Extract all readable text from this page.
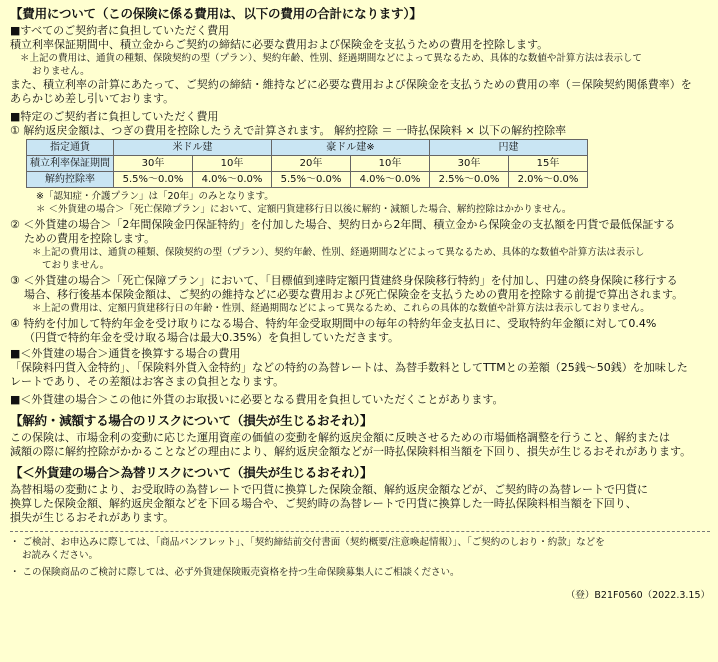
【費用について（この保険に係る費用は、以下の費用の合計になります）】

■すべてのご契約者に負担していただく費用

積立利率保証期間中、積立金からご契約の締結に必要な費用および保険金を支払うための費用を控除します。

＊上記の費用は、通貨の種類、保険契約の型（プラン）、契約年齢、性別、経過期間などによって異なるため、具体的な数値や計算方法は表示して

おりません。

また、積立利率の計算にあたって、ご契約の締結・維持などに必要な費用および保険金を支払うための費用の率（＝保険契約関係費率）を

あらかじめ差し引いております。

■特定のご契約者に負担していただく費用

① 解約返戻金額は、つぎの費用を控除したうえで計算されます。 解約控除 ＝ 一時払保険料 × 以下の解約控除率

指定通貨	米ドル建		豪ドル建※		円建	
積立利率保証期間	30年	10年	20年	10年	30年	15年
解約控除率	5.5%〜0.0%	4.0%〜0.0%	5.5%〜0.0%	4.0%〜0.0%	2.5%〜0.0%	2.0%〜0.0%

※「認知症・介護プラン」は「20年」のみとなります。

＊ ＜外貨建の場合＞「死亡保障プラン」において、定額円貨建移行日以後に解約・減額した場合、解約控除はかかりません。

② ＜外貨建の場合＞「2年間保険金円保証特約」を付加した場合、契約日から2年間、積立金から保険金の支払額を円貨で最低保証する

ための費用を控除します。

＊上記の費用は、通貨の種類、保険契約の型（プラン）、契約年齢、性別、経過期間などによって異なるため、具体的な数値や計算方法は表示し

ておりません。

③ ＜外貨建の場合＞「死亡保障プラン」において、「目標値到達時定額円貨建終身保険移行特約」を付加し、円建の終身保険に移行する

場合、移行後基本保険金額は、ご契約の維持などに必要な費用および死亡保険金を支払うための費用を控除する前提で算出されます。

＊上記の費用は、定額円貨建移行日の年齢・性別、経過期間などによって異なるため、これらの具体的な数値や計算方法は表示しておりません。

④ 特約を付加して特約年金を受け取りになる場合、特約年金受取期間中の毎年の特約年金支払日に、受取特約年金額に対して0.4%

（円貨で特約年金を受け取る場合は最大0.35%）を負担していただきます。

■＜外貨建の場合＞通貨を換算する場合の費用

「保険料円貨入金特約」、「保険料外貨入金特約」などの特約の為替レートは、為替手数料としてTTMとの差額（25銭〜50銭）を加味した

レートであり、その差額はお客さまの負担となります。

■＜外貨建の場合＞この他に外貨のお取扱いに必要となる費用を負担していただくことがあります。

【解約・減額する場合のリスクについて（損失が生じるおそれ）】

この保険は、市場金利の変動に応じた運用資産の価値の変動を解約返戻金額に反映させるための市場価格調整を行うこと、解約または

減額の際に解約控除がかかることなどの理由により、解約返戻金額などが一時払保険料相当額を下回り、損失が生じるおそれがあります。

【＜外貨建の場合＞為替リスクについて（損失が生じるおそれ）】

為替相場の変動により、お受取時の為替レートで円貨に換算した保険金額、解約返戻金額などが、ご契約時の為替レートで円貨に

換算した保険金額、解約返戻金額などを下回る場合や、ご契約時の為替レートで円貨に換算した一時払保険料相当額を下回り、

損失が生じるおそれがあります。

・ ご検討、お申込みに際しては、「商品パンフレット」、「契約締結前交付書面（契約概要/注意喚起情報）」、「ご契約のしおり・約款」などを

お読みください。

・ この保険商品のご検討に際しては、必ず外貨建保険販売資格を持つ生命保険募集人にご相談ください。

（登）B21F0560（2022.3.15）
